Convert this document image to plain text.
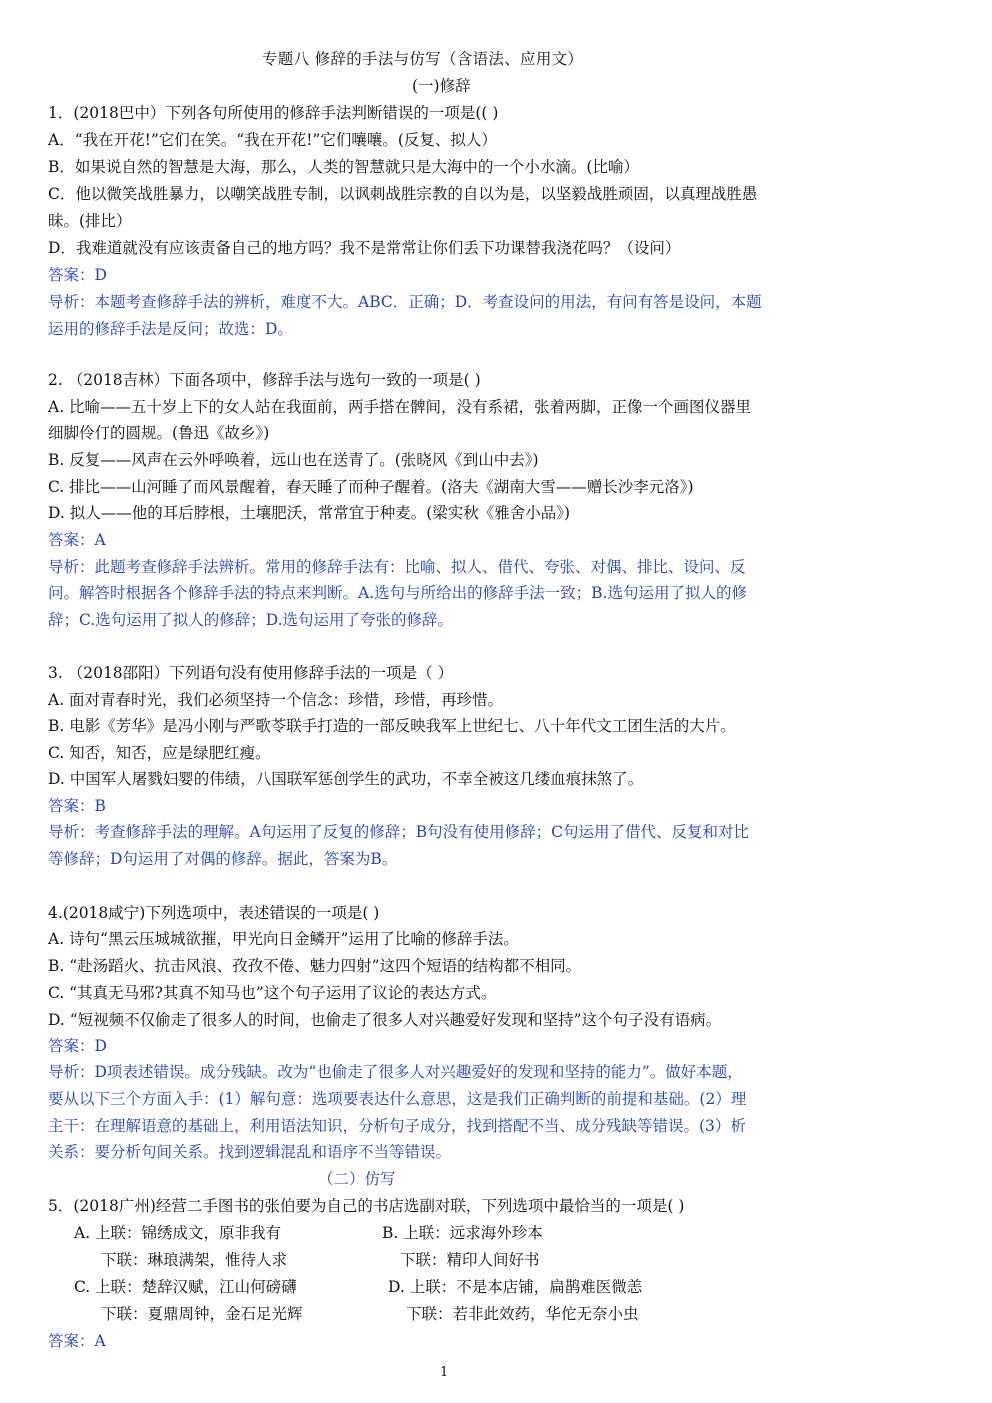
专题八 修辞的手法与仿写（含语法、应用文）
(一)修辞
1．(2018巴中）下列各句所使用的修辞手法判断错误的一项是(( )
A．“我在开花!”它们在笑。“我在开花!”它们嚷嚷。(反复、拟人）
B．如果说自然的智慧是大海，那么，人类的智慧就只是大海中的一个小水滴。(比喻）
C．他以微笑战胜暴力，以嘲笑战胜专制，以讽刺战胜宗教的自以为是，以坚毅战胜顽固，以真理战胜愚
昧。(排比）
D．我难道就没有应该责备自己的地方吗？我不是常常让你们丢下功课替我浇花吗？（设问）
答案：D
导析：本题考查修辞手法的辨析，难度不大。ABC．正确；D．考查设问的用法，有问有答是设问，本题
运用的修辞手法是反问；故选：D。
2. （2018吉林）下面各项中，修辞手法与选句一致的一项是( )
A. 比喻——五十岁上下的女人站在我面前，两手搭在髀间，没有系裙，张着两脚，正像一个画图仪器里
细脚伶仃的圆规。(鲁迅《故乡》)
B. 反复——风声在云外呼唤着，远山也在送青了。(张晓风《到山中去》)
C. 排比——山河睡了而风景醒着，春天睡了而种子醒着。(洛夫《湖南大雪——赠长沙李元洛》)
D. 拟人——他的耳后脖根，土壤肥沃，常常宜于种麦。(梁实秋《雅舍小品》)
答案：A
导析：此题考查修辞手法辨析。常用的修辞手法有：比喻、拟人、借代、夸张、对偶、排比、设问、反
问。解答时根据各个修辞手法的特点来判断。A.选句与所给出的修辞手法一致；B.选句运用了拟人的修
辞；C.选句运用了拟人的修辞；D.选句运用了夸张的修辞。
3. （2018邵阳）下列语句没有使用修辞手法的一项是（ ）
A. 面对青春时光，我们必须坚持一个信念：珍惜，珍惜，再珍惜。
B. 电影《芳华》是冯小刚与严歌苓联手打造的一部反映我军上世纪七、八十年代文工团生活的大片。
C. 知否，知否，应是绿肥红瘦。
D. 中国军人屠戮妇婴的伟绩，八国联军惩创学生的武功，不幸全被这几缕血痕抹煞了。
答案：B
导析：考查修辞手法的理解。A句运用了反复的修辞；B句没有使用修辞；C句运用了借代、反复和对比
等修辞；D句运用了对偶的修辞。据此，答案为B。
4.(2018咸宁)下列选项中，表述错误的一项是( )
A. 诗句“黑云压城城欲摧，甲光向日金鳞开”运用了比喻的修辞手法。
B. “赴汤蹈火、抗击风浪、孜孜不倦、魅力四射”这四个短语的结构都不相同。
C. “其真无马邪?其真不知马也”这个句子运用了议论的表达方式。
D. “短视频不仅偷走了很多人的时间，也偷走了很多人对兴趣爱好发现和坚持”这个句子没有语病。
答案：D
导析：D项表述错误。成分残缺。改为“也偷走了很多人对兴趣爱好的发现和坚持的能力”。做好本题，
要从以下三个方面入手：(1）解句意：选项要表达什么意思，这是我们正确判断的前提和基础。(2）理
主干：在理解语意的基础上，利用语法知识，分析句子成分，找到搭配不当、成分残缺等错误。(3）析
关系：要分析句间关系。找到逻辑混乱和语序不当等错误。
（二）仿写
5．(2018广州)经营二手图书的张伯要为自己的书店选副对联，下列选项中最恰当的一项是( )
A. 上联：锦绣成文，原非我有	B. 上联：远求海外珍本
下联：琳琅满架，惟待人求	下联：精印人间好书
C. 上联：楚辞汉赋，江山何磅礴	D. 上联：不是本店铺，扁鹊难医微恙
下联：夏鼎周钟，金石足光辉	下联：若非此效药，华佗无奈小虫
答案：A
1
